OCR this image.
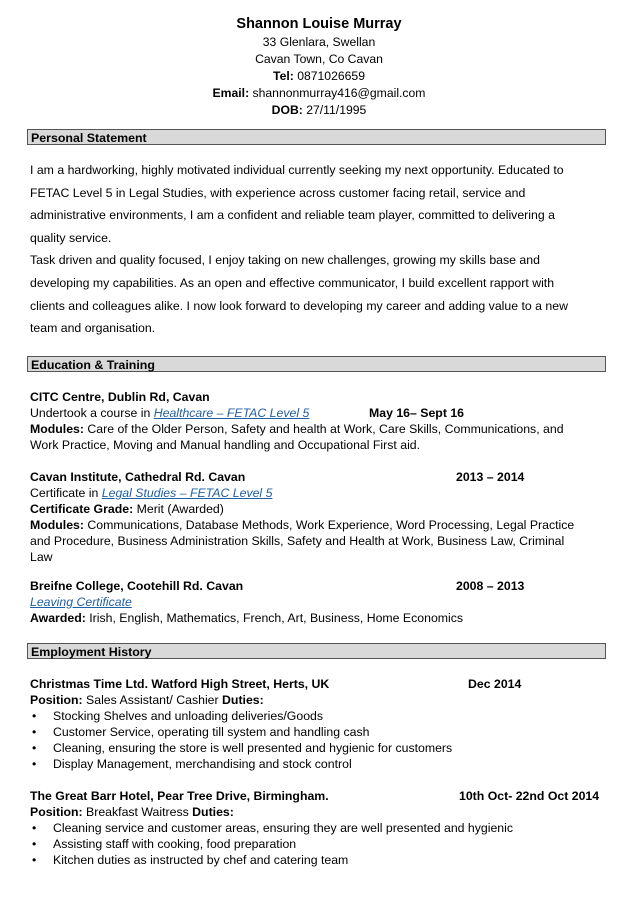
Shannon Louise Murray
33 Glenlara, Swellan
Cavan Town, Co Cavan
Tel: 0871026659
Email: shannonmurray416@gmail.com
DOB: 27/11/1995
Personal Statement
I am a hardworking, highly motivated individual currently seeking my next opportunity. Educated to
FETAC Level 5 in Legal Studies, with experience across customer facing retail, service and
administrative environments, I am a confident and reliable team player, committed to delivering a
quality service.
Task driven and quality focused, I enjoy taking on new challenges, growing my skills base and
developing my capabilities. As an open and effective communicator, I build excellent rapport with
clients and colleagues alike. I now look forward to developing my career and adding value to a new
team and organisation.
Education & Training
CITC Centre, Dublin Rd, Cavan
Undertook a course in Healthcare – FETAC Level 5	May 16– Sept 16
Modules: Care of the Older Person, Safety and health at Work, Care Skills, Communications, and
Work Practice, Moving and Manual handling and Occupational First aid.
Cavan Institute, Cathedral Rd. Cavan	2013 – 2014
Certificate in Legal Studies – FETAC Level 5
Certificate Grade: Merit (Awarded)
Modules: Communications, Database Methods, Work Experience, Word Processing, Legal Practice
and Procedure, Business Administration Skills, Safety and Health at Work, Business Law, Criminal
Law
Breifne College, Cootehill Rd. Cavan	2008 – 2013
Leaving Certificate
Awarded: Irish, English, Mathematics, French, Art, Business, Home Economics
Employment History
Christmas Time Ltd. Watford High Street, Herts, UK	Dec 2014
Position: Sales Assistant/ Cashier Duties:
• Stocking Shelves and unloading deliveries/Goods
• Customer Service, operating till system and handling cash
• Cleaning, ensuring the store is well presented and hygienic for customers
• Display Management, merchandising and stock control
The Great Barr Hotel, Pear Tree Drive, Birmingham.	10th Oct- 22nd Oct 2014
Position: Breakfast Waitress Duties:
• Cleaning service and customer areas, ensuring they are well presented and hygienic
• Assisting staff with cooking, food preparation
• Kitchen duties as instructed by chef and catering team
